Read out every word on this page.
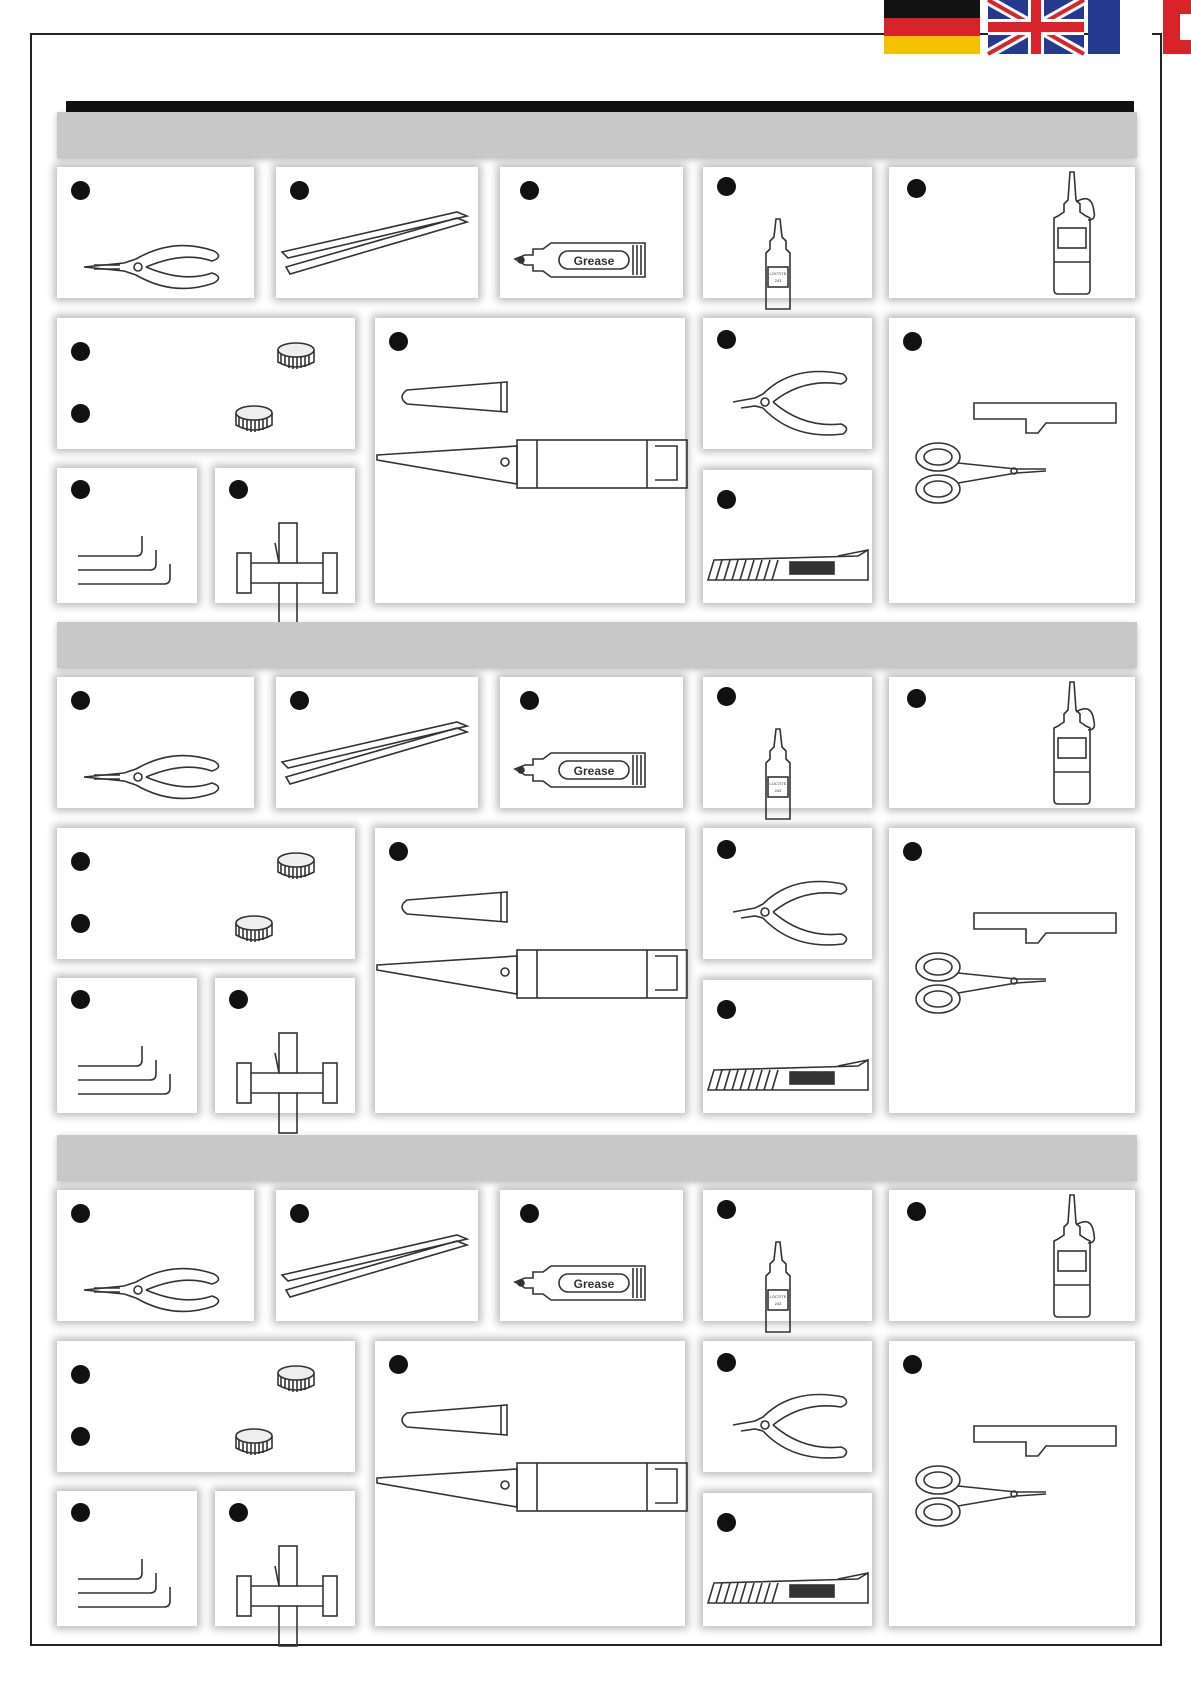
Grease
LOCTITE
243
Grease
LOCTITE
243
Grease
LOCTITE
243
